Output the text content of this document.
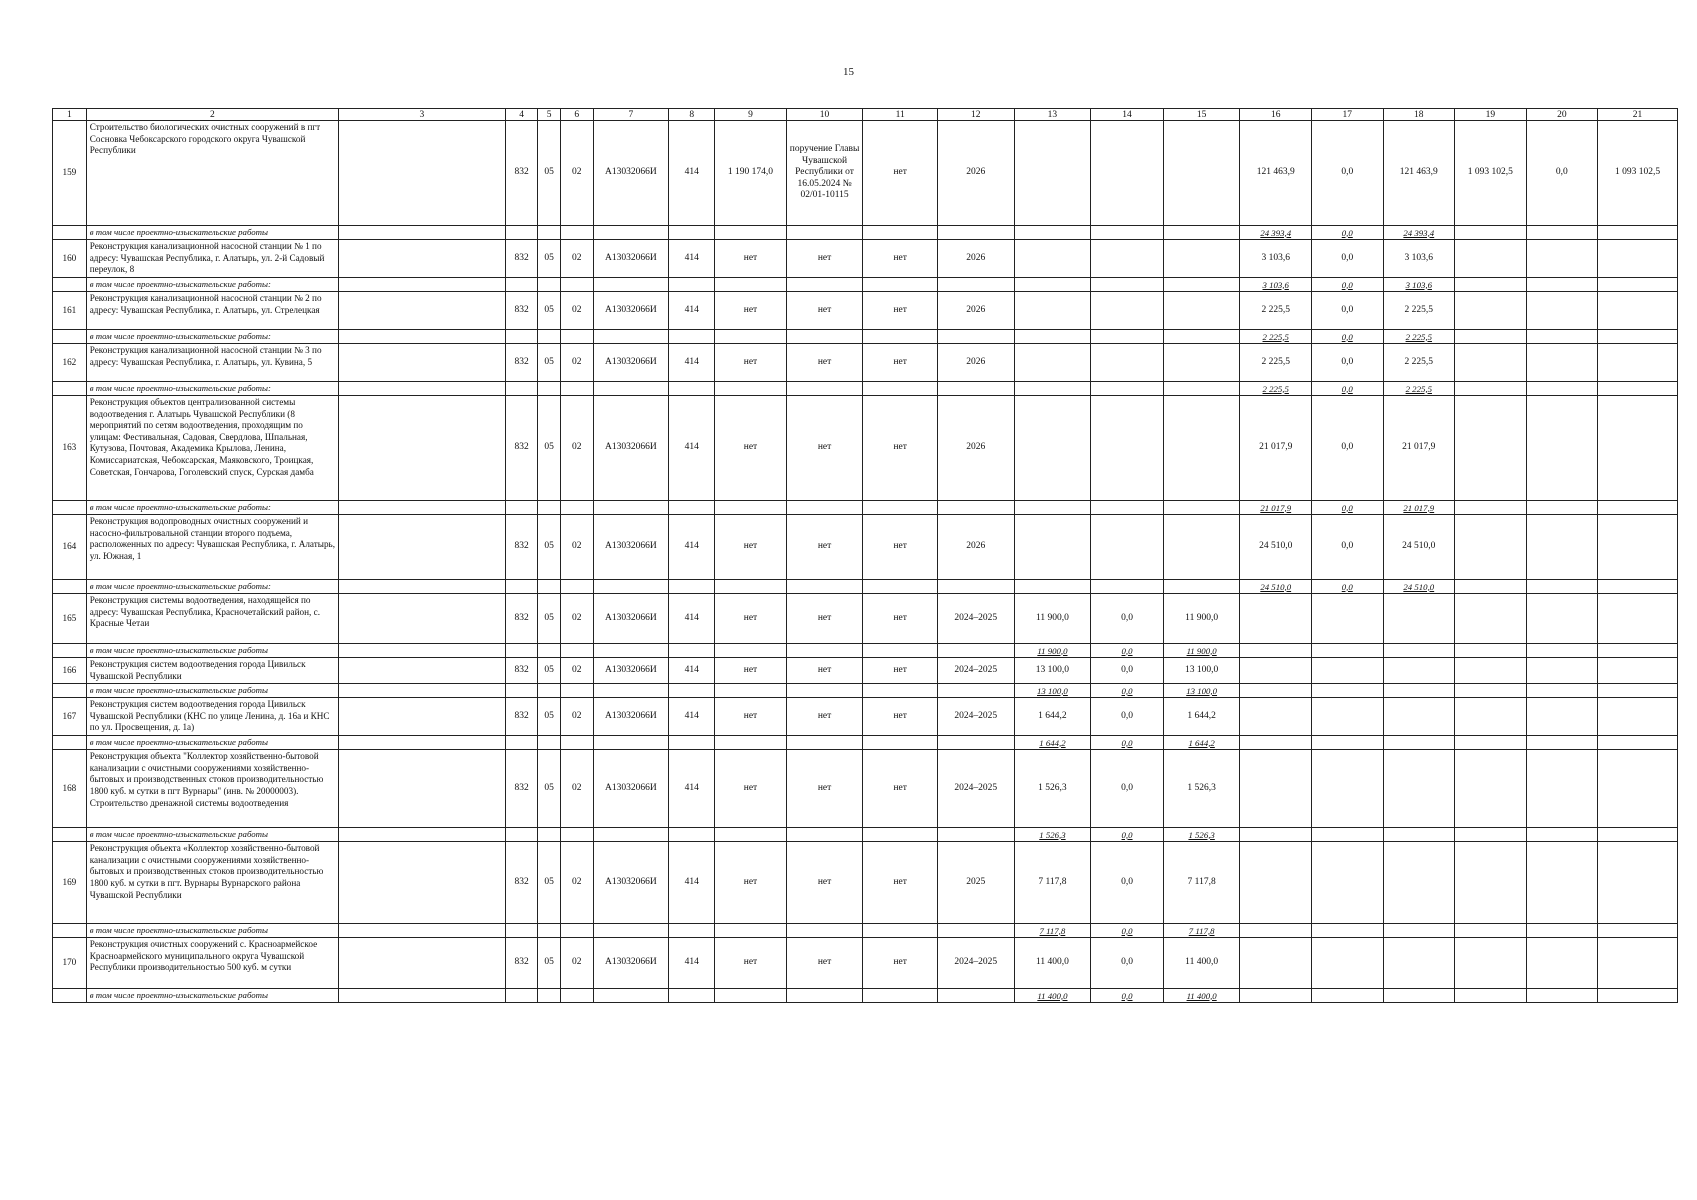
15
1	2	3	4	5	6	7	8	9	10	11	12	13	14	15	16	17	18	19	20	21
159	Строительство биологических очистных сооружений в пгт Сосновка Чебоксарского городского округа Чувашской Республики		832	05	02	А13032066И	414	1 190 174,0	поручение Главы Чувашской Республики от 16.05.2024 № 02/01-10115	нет	2026				121 463,9	0,0	121 463,9	1 093 102,5	0,0	1 093 102,5
	в том числе проектно-изыскательские работы														24 393,4	0,0	24 393,4			
160	Реконструкция канализационной насосной станции № 1 по адресу: Чувашская Республика, г. Алатырь, ул. 2-й Садовый переулок, 8		832	05	02	А13032066И	414	нет	нет	нет	2026				3 103,6	0,0	3 103,6			
	в том числе проектно-изыскательские работы:														3 103,6	0,0	3 103,6			
161	Реконструкция канализационной насосной станции № 2 по адресу: Чувашская Республика, г. Алатырь, ул. Стрелецкая		832	05	02	А13032066И	414	нет	нет	нет	2026				2 225,5	0,0	2 225,5			
	в том числе проектно-изыскательские работы:														2 225,5	0,0	2 225,5			
162	Реконструкция канализационной насосной станции № 3 по адресу: Чувашская Республика, г. Алатырь, ул. Кувина, 5		832	05	02	А13032066И	414	нет	нет	нет	2026				2 225,5	0,0	2 225,5			
	в том числе проектно-изыскательские работы:														2 225,5	0,0	2 225,5			
163	Реконструкция объектов централизованной системы водоотведения г. Алатырь Чувашской Республики (8 мероприятий по сетям водоотведения, проходящим по улицам: Фестивальная, Садовая, Свердлова, Шпальная, Кутузова, Почтовая, Академика Крылова, Ленина, Комиссариатская, Чебоксарская, Маяковского, Троицкая, Советская, Гончарова, Гоголевский спуск, Сурская дамба		832	05	02	А13032066И	414	нет	нет	нет	2026				21 017,9	0,0	21 017,9			
	в том числе проектно-изыскательские работы:														21 017,9	0,0	21 017,9			
164	Реконструкция водопроводных очистных сооружений и насосно-фильтровальной станции второго подъема, расположенных по адресу: Чувашская Республика, г. Алатырь, ул. Южная, 1		832	05	02	А13032066И	414	нет	нет	нет	2026				24 510,0	0,0	24 510,0			
	в том числе проектно-изыскательские работы:														24 510,0	0,0	24 510,0			
165	Реконструкция системы водоотведения, находящейся по адресу: Чувашская Республика, Красночетайский район, с. Красные Четаи		832	05	02	А13032066И	414	нет	нет	нет	2024–2025	11 900,0	0,0	11 900,0						
	в том числе проектно-изыскательские работы											11 900,0	0,0	11 900,0						
166	Реконструкция систем водоотведения города Цивильск Чувашской Республики		832	05	02	А13032066И	414	нет	нет	нет	2024–2025	13 100,0	0,0	13 100,0						
	в том числе проектно-изыскательские работы											13 100,0	0,0	13 100,0						
167	Реконструкция систем водоотведения города Цивильск Чувашской Республики (КНС по улице Ленина, д. 16а и КНС по ул. Просвещения, д. 1а)		832	05	02	А13032066И	414	нет	нет	нет	2024–2025	1 644,2	0,0	1 644,2						
	в том числе проектно-изыскательские работы											1 644,2	0,0	1 644,2						
168	Реконструкция объекта "Коллектор хозяйственно-бытовой канализации с очистными сооружениями хозяйственно-бытовых и производственных стоков производительностью 1800 куб. м сутки в пгт Вурнары" (инв. № 20000003). Строительство дренажной системы водоотведения		832	05	02	А13032066И	414	нет	нет	нет	2024–2025	1 526,3	0,0	1 526,3						
	в том числе проектно-изыскательские работы											1 526,3	0,0	1 526,3						
169	Реконструкция объекта «Коллектор хозяйственно-бытовой канализации с очистными сооружениями хозяйственно-бытовых и производственных стоков производительностью 1800 куб. м сутки в пгт. Вурнары Вурнарского района Чувашской Республики		832	05	02	А13032066И	414	нет	нет	нет	2025	7 117,8	0,0	7 117,8						
	в том числе проектно-изыскательские работы											7 117,8	0,0	7 117,8						
170	Реконструкция очистных сооружений с. Красноармейское Красноармейского муниципального округа Чувашской Республики производительностью 500 куб. м сутки		832	05	02	А13032066И	414	нет	нет	нет	2024–2025	11 400,0	0,0	11 400,0						
	в том числе проектно-изыскательские работы											11 400,0	0,0	11 400,0						
